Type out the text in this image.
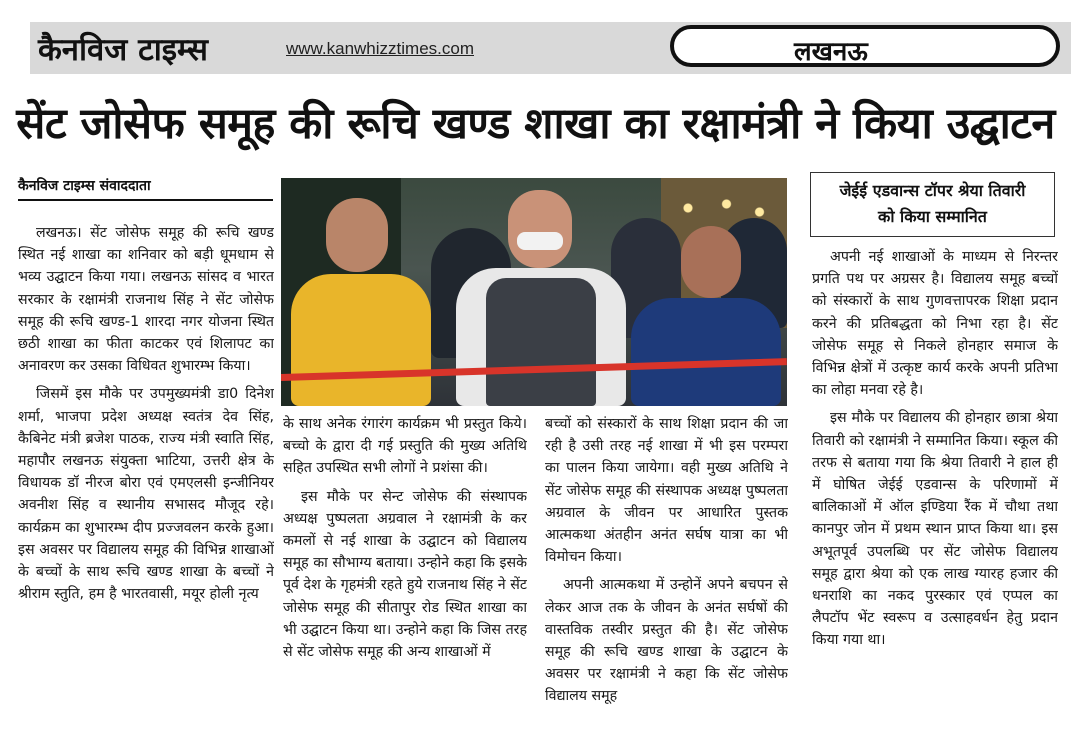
कैनविज टाइम्स	www.kanwhizztimes.com	लखनऊ
सेंट जोसेफ समूह की रूचि खण्ड शाखा का रक्षामंत्री ने किया उद्घाटन
कैनविज टाइम्स संवाददाता

लखनऊ। सेंट जोसेफ समूह की रूचि खण्ड स्थित नई शाखा का शनिवार को बड़ी धूमधाम से भव्य उद्घाटन किया गया। लखनऊ सांसद व भारत सरकार के रक्षामंत्री राजनाथ सिंह ने सेंट जोसेफ समूह की रूचि खण्ड-1 शारदा नगर योजना स्थित छठी शाखा का फीता काटकर एवं शिलापट का अनावरण कर उसका विधिवत शुभारम्भ किया।

जिसमें इस मौके पर उपमुख्यमंत्री डा0 दिनेश शर्मा, भाजपा प्रदेश अध्यक्ष स्वतंत्र देव सिंह, कैबिनेट मंत्री ब्रजेश पाठक, राज्य मंत्री स्वाति सिंह, महापौर लखनऊ संयुक्ता भाटिया, उत्तरी क्षेत्र के विधायक डॉ नीरज बोरा एवं एमएलसी इन्जीनियर अवनीश सिंह व स्थानीय सभासद मौजूद रहे। कार्यक्रम का शुभारम्भ दीप प्रज्जवलन करके हुआ। इस अवसर पर विद्यालय समूह की विभिन्न शाखाओं के बच्चों के साथ रूचि खण्ड शाखा के बच्चों ने श्रीराम स्तुति, हम है भारतवासी, मयूर होली नृत्य

के साथ अनेक रंगारंग कार्यक्रम भी प्रस्तुत किये। बच्चो के द्वारा दी गई प्रस्तुति की मुख्य अतिथि सहित उपस्थित सभी लोगों ने प्रशंसा की।

इस मौके पर सेन्ट जोसेफ की संस्थापक अध्यक्ष पुष्पलता अग्रवाल ने रक्षामंत्री के कर कमलों से नई शाखा के उद्घाटन को विद्यालय समूह का सौभाग्य बताया। उन्होने कहा कि इसके पूर्व देश के गृहमंत्री रहते हुये राजनाथ सिंह ने सेंट जोसेफ समूह की सीतापुर रोड स्थित शाखा का भी उद्घाटन किया था। उन्होने कहा कि जिस तरह से सेंट जोसेफ समूह की अन्य शाखाओं में

बच्चों को संस्कारों के साथ शिक्षा प्रदान की जा रही है उसी तरह नई शाखा में भी इस परम्परा का पालन किया जायेगा। वही मुख्य अतिथि ने सेंट जोसेफ समूह की संस्थापक अध्यक्ष पुष्पलता अग्रवाल के जीवन पर आधारित पुस्तक आत्मकथा अंतहीन अनंत सर्घष यात्रा का भी विमोचन किया।

अपनी आत्मकथा में उन्होनें अपने बचपन से लेकर आज तक के जीवन के अनंत सर्घषों की वास्तविक तस्वीर प्रस्तुत की है। सेंट जोसेफ समूह की रूचि खण्ड शाखा के उद्घाटन के अवसर पर रक्षामंत्री ने कहा कि सेंट जोसेफ विद्यालय समूह

जेईई एडवान्स टॉपर श्रेया तिवारी
को किया सम्मानित

अपनी नई शाखाओं के माध्यम से निरन्तर प्रगति पथ पर अग्रसर है। विद्यालय समूह बच्चों को संस्कारों के साथ गुणवत्तापरक शिक्षा प्रदान करने की प्रतिबद्धता को निभा रहा है। सेंट जोसेफ समूह से निकले होनहार समाज के विभिन्न क्षेत्रों में उत्कृष्ट कार्य करके अपनी प्रतिभा का लोहा मनवा रहे है।

इस मौके पर विद्यालय की होनहार छात्रा श्रेया तिवारी को रक्षामंत्री ने सम्मानित किया। स्कूल की तरफ से बताया गया कि श्रेया तिवारी ने हाल ही में घोषित जेईई एडवान्स के परिणामों में बालिकाओं में ऑल इण्डिया रैंक में चौथा तथा कानपुर जोन में प्रथम स्थान प्राप्त किया था। इस अभूतपूर्व उपलब्धि पर सेंट जोसेफ विद्यालय समूह द्वारा श्रेया को एक लाख ग्यारह हजार की धनराशि का नकद पुरस्कार एवं एप्पल का लैपटॉप भेंट स्वरूप व उत्साहवर्धन हेतु प्रदान किया गया था।
